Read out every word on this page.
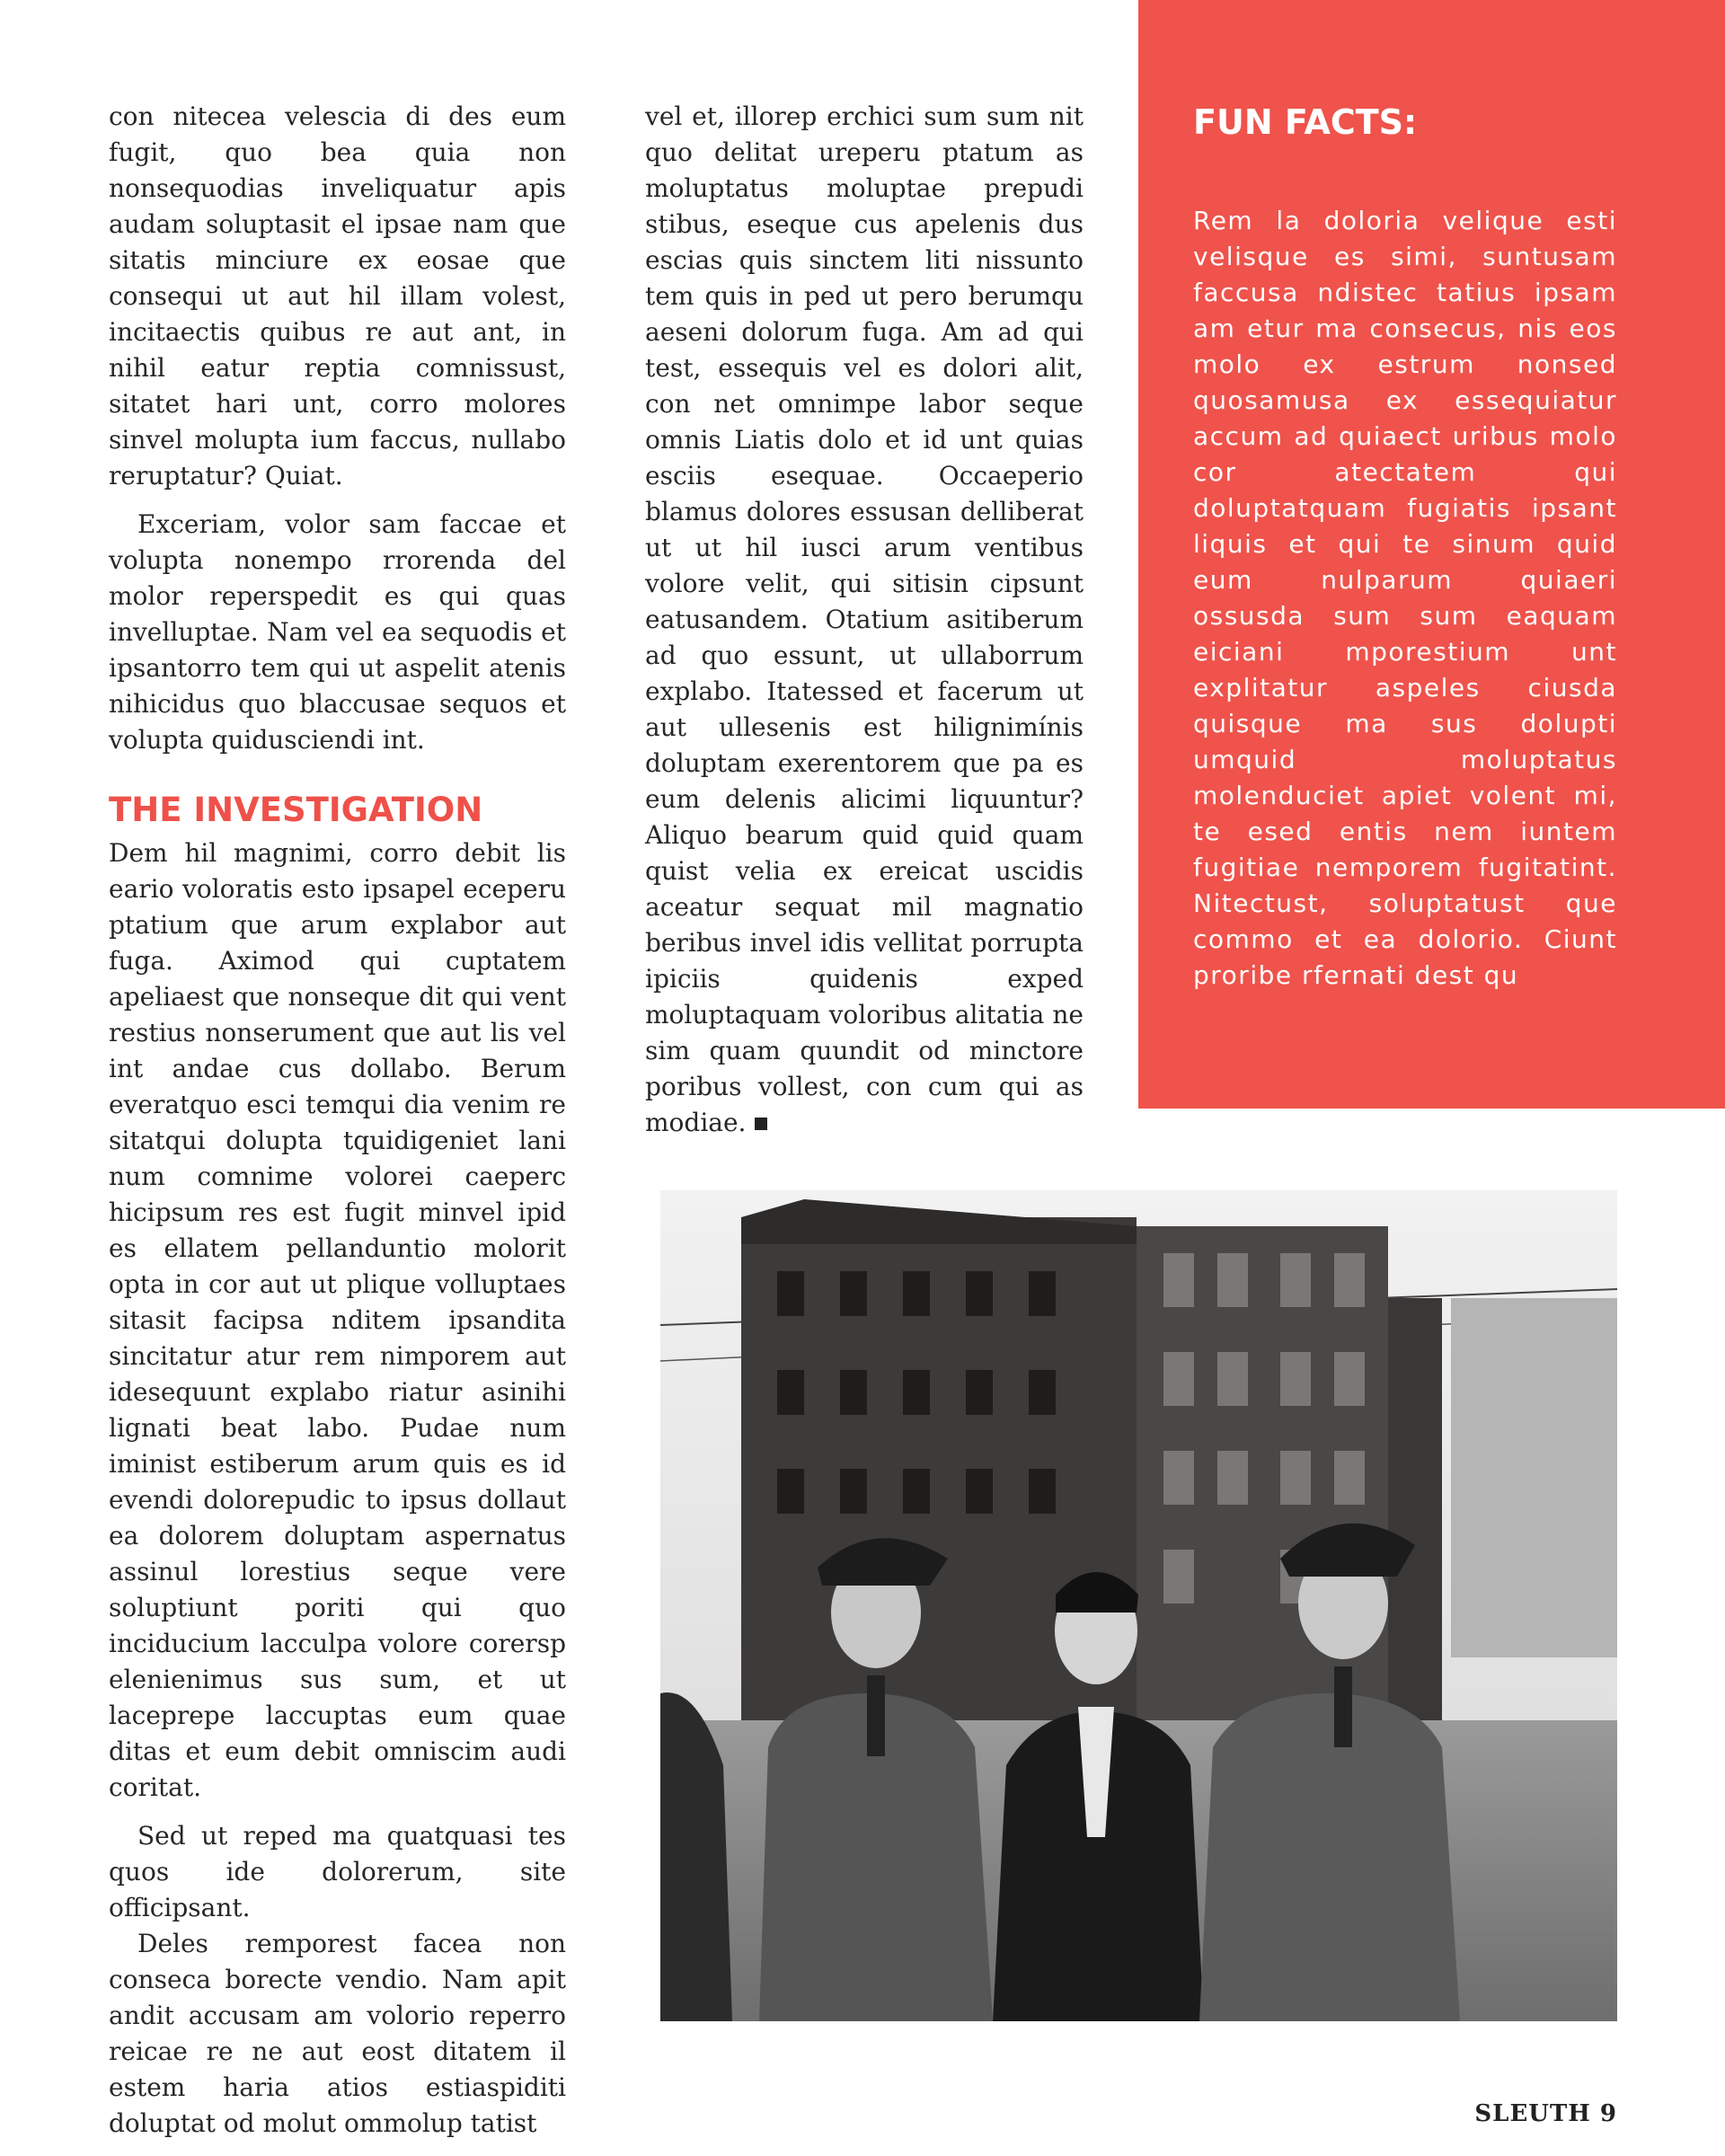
con nitecea velescia di des eum fugit, quo bea quia non nonsequodias inveliquatur apis audam soluptasit el ipsae nam que sitatis minciure ex eosae que consequi ut aut hil illam volest, incitaectis quibus re aut ant, in nihil eatur reptia comnissust, sitatet hari unt, corro molores sinvel molupta ium faccus, nullabo reruptatur? Quiat.

Exceriam, volor sam faccae et volupta nonempo rrorenda del molor reperspedit es qui quas invelluptae. Nam vel ea sequodis et ipsantorro tem qui ut aspelit atenis nihicidus quo blaccusae sequos et volupta quidusciendi int.

THE INVESTIGATION

Dem hil magnimi, corro debit lis eario voloratis esto ipsapel eceperu ptatium que arum explabor aut fuga. Aximod qui cuptatem apeliaest que nonseque dit qui vent restius nonserument que aut lis vel int andae cus dollabo. Berum everatquo esci temqui dia venim re sitatqui dolupta tquidigeniet lani num comnime volorei caeperc hicipsum res est fugit minvel ipid es ellatem pellanduntio molorit opta in cor aut ut plique volluptaes sitasit facipsa nditem ipsandita sincitatur atur rem nimporem aut idesequunt explabo riatur asinihi lignati beat labo. Pudae num iminist estiberum arum quis es id evendi dolorepudic to ipsus dollaut ea dolorem doluptam aspernatus assinul lorestius seque vere soluptiunt poriti qui quo inciducium lacculpa volore corersp elenienimus sus sum, et ut laceprepe laccuptas eum quae ditas et eum debit omniscim audi coritat.

Sed ut reped ma quatquasi tes quos ide dolorerum, site officipsant.

Deles remporest facea non conseca borecte vendio. Nam apit andit accusam am volorio reperro reicae re ne aut eost ditatem il estem haria atios estiaspiditi doluptat od molut ommolup tatist

vel et, illorep erchici sum sum nit quo delitat ureperu ptatum as moluptatus moluptae prepudi stibus, eseque cus apelenis dus escias quis sinctem liti nissunto tem quis in ped ut pero berumqu aeseni dolorum fuga. Am ad qui test, essequis vel es dolori alit, con net omnimpe labor seque omnis Liatis dolo et id unt quias esciis esequae. Occaeperio blamus dolores essusan delliberat ut ut hil iusci arum ventibus volore velit, qui sitisin cipsunt eatusandem. Otatium asitiberum ad quo essunt, ut ullaborrum explabo. Itatessed et facerum ut aut ullesenis est hilignimínis doluptam exerentorem que pa es eum delenis alicimi liquuntur? Aliquo bearum quid quid quam quist velia ex ereicat uscidis aceatur sequat mil magnatio beribus invel idis vellitat porrupta ipiciis quidenis exped moluptaquam voloribus alitatia ne sim quam quundit od minctore poribus vollest, con cum qui as modiae.

FUN FACTS:

Rem la doloria velique esti velisque es simi, suntusam faccusa ndistec tatius ipsam am etur ma consecus, nis eos molo ex estrum nonsed quosamusa ex essequiatur accum ad quiaect uribus molo cor atectatem qui doluptatquam fugiatis ipsant liquis et qui te sinum quid eum nulparum quiaeri ossusda sum sum eaquam eiciani mporestium unt explitatur aspeles ciusda quisque ma sus dolupti umquid moluptatus molenduciet apiet volent mi, te esed entis nem iuntem fugitiae nemporem fugitatint. Nitectust, soluptatust que commo et ea dolorio. Ciunt proribe rfernati dest qu

SLEUTH 9
